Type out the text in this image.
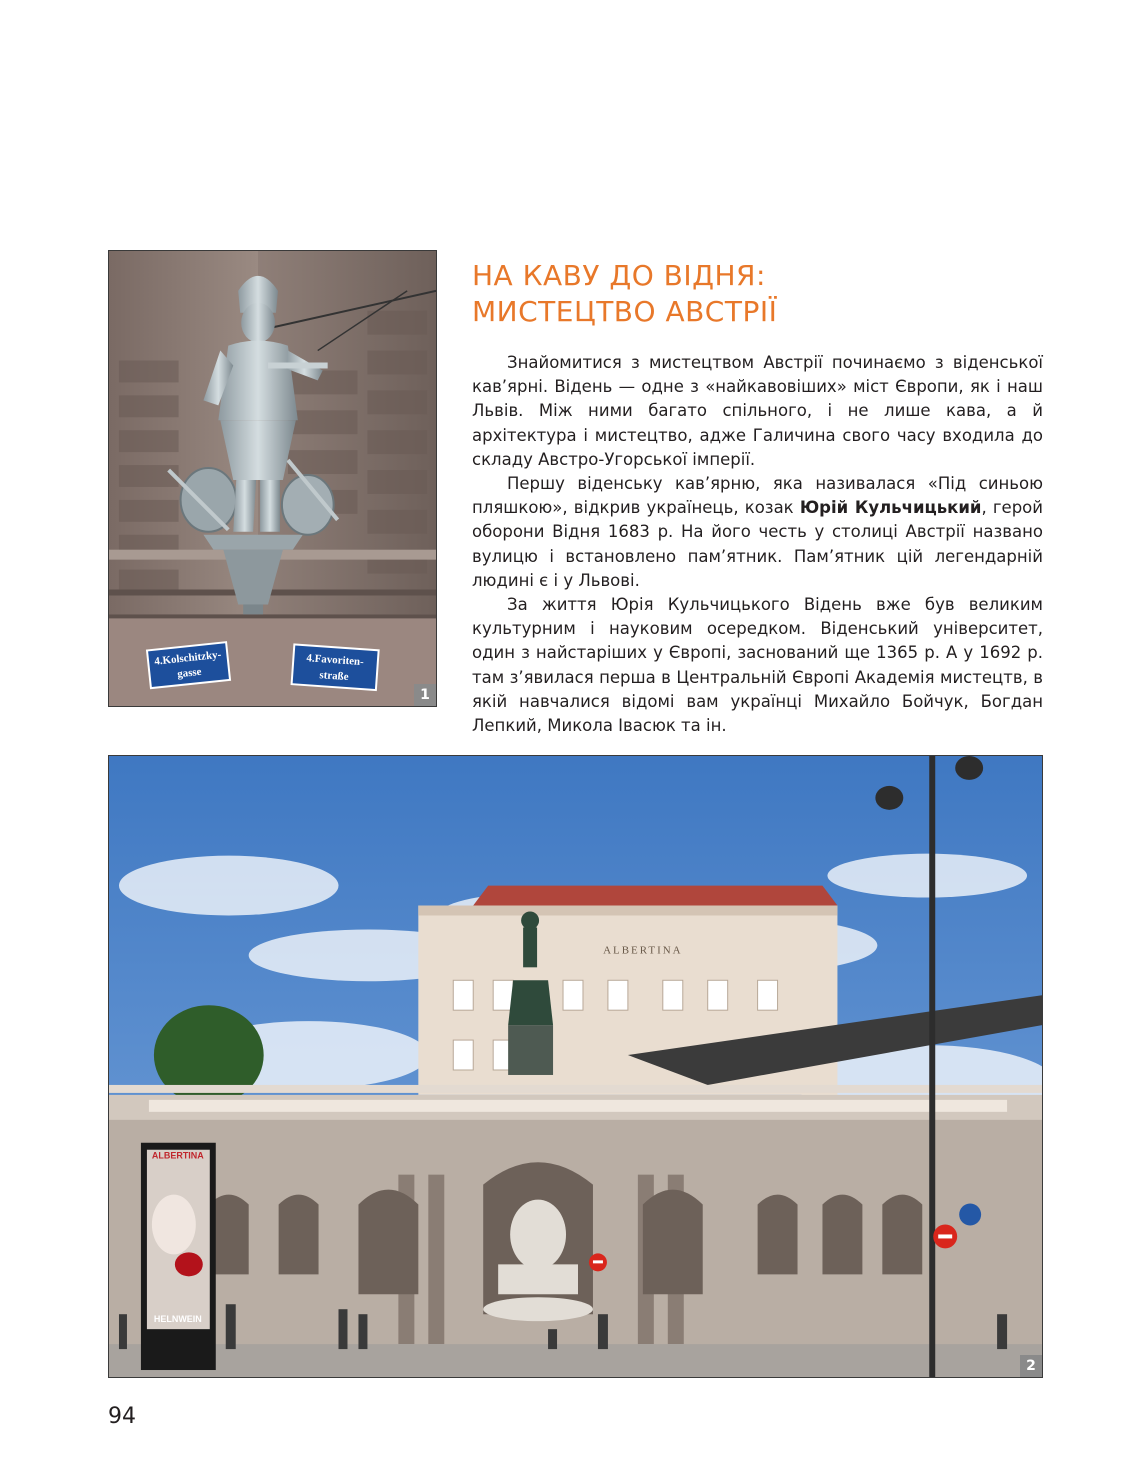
4.Kolschitzky-
gasse
4.Favoriten-
straße
1
НА КАВУ ДО ВІДНЯ:
МИСТЕЦТВО АВСТРІЇ

Знайомитися з мистецтвом Австрії починаємо з віденської кав’ярні. Відень — одне з «найкавовіших» міст Європи, як і наш Львів. Між ними багато спільного, і не лише кава, а й архітектура і мистецтво, адже Галичина свого часу входила до складу Австро-Угорської імперії.

Першу віденську кав’ярню, яка називалася «Під синьою пляшкою», відкрив українець, козак Юрій Кульчицький, герой оборони Відня 1683 р. На його честь у столиці Австрії названо вулицю і встановлено пам’ятник. Пам’ятник цій легендарній людині є і у Львові.

За життя Юрія Кульчицького Відень вже був великим культурним і науковим осередком. Віденський університет, один з найстаріших у Європі, заснований ще 1365 р. А у 1692 р. там з’явилася перша в Центральній Європі Академія мистецтв, в якій навчалися відомі вам українці Михайло Бойчук, Богдан Лепкий, Микола Івасюк та ін.

ALBERTINA
ALBERTINA
HELNWEIN
2
94
